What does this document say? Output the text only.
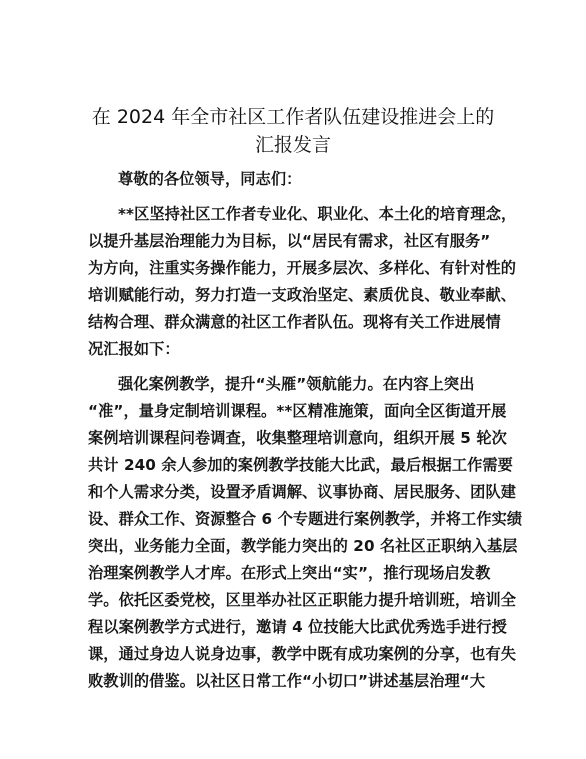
在 2024 年全市社区工作者队伍建设推进会上的
汇报发言
尊敬的各位领导，同志们：
**区坚持社区工作者专业化、职业化、本土化的培育理念，
以提升基层治理能力为目标，以“居民有需求，社区有服务”
为方向，注重实务操作能力，开展多层次、多样化、有针对性的
培训赋能行动，努力打造一支政治坚定、素质优良、敬业奉献、
结构合理、群众满意的社区工作者队伍。现将有关工作进展情
况汇报如下：
强化案例教学，提升“头雁”领航能力。在内容上突出
“准”，量身定制培训课程。**区精准施策，面向全区街道开展
案例培训课程问卷调查，收集整理培训意向，组织开展 5 轮次
共计 240 余人参加的案例教学技能大比武，最后根据工作需要
和个人需求分类，设置矛盾调解、议事协商、居民服务、团队建
设、群众工作、资源整合 6 个专题进行案例教学，并将工作实绩
突出，业务能力全面，教学能力突出的 20 名社区正职纳入基层
治理案例教学人才库。在形式上突出“实”，推行现场启发教
学。依托区委党校，区里举办社区正职能力提升培训班，培训全
程以案例教学方式进行，邀请 4 位技能大比武优秀选手进行授
课，通过身边人说身边事，教学中既有成功案例的分享，也有失
败教训的借鉴。以社区日常工作“小切口”讲述基层治理“大
